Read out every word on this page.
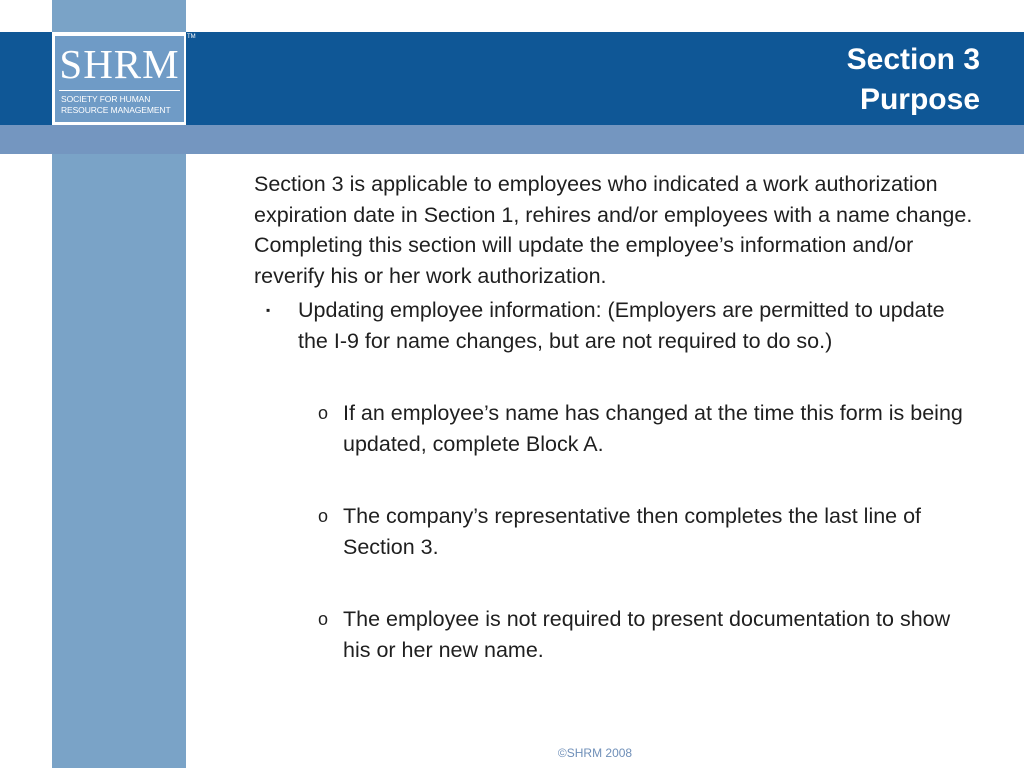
SHRM
SOCIETY FOR HUMAN
RESOURCE MANAGEMENT
TM
Section 3
Purpose

Section 3 is applicable to employees who indicated a work authorization expiration date in Section 1, rehires and/or employees with a name change. Completing this section will update the employee’s information and/or reverify his or her work authorization.

▪ Updating employee information: (Employers are permitted to update the I-9 for name changes, but are not required to do so.)
o If an employee’s name has changed at the time this form is being updated, complete Block A.
o The company’s representative then completes the last line of Section 3.
o The employee is not required to present documentation to show his or her new name.
©SHRM 2008
